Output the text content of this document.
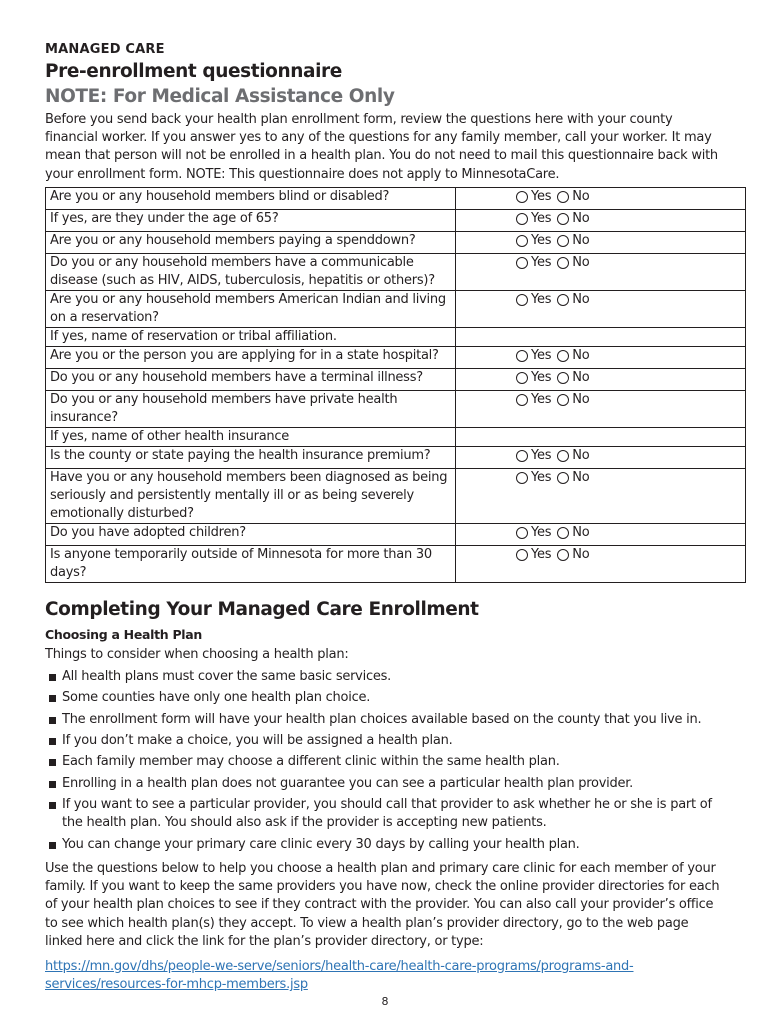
MANAGED CARE
Pre-enrollment questionnaire
NOTE: For Medical Assistance Only

Before you send back your health plan enrollment form, review the questions here with your county financial worker. If you answer yes to any of the questions for any family member, call your worker. It may mean that person will not be enrolled in a health plan. You do not need to mail this questionnaire back with your enrollment form. NOTE: This questionnaire does not apply to MinnesotaCare.

Are you or any household members blind or disabled?	Yes No

If yes, are they under the age of 65?	Yes No

Are you or any household members paying a spenddown?	Yes No

Do you or any household members have a communicable disease (such as HIV, AIDS, tuberculosis, hepatitis or others)?	Yes No

Are you or any household members American Indian and living on a reservation?	Yes No

If yes, name of reservation or tribal affiliation.	
Are you or the person you are applying for in a state hospital?	Yes No

Do you or any household members have a terminal illness?	Yes No

Do you or any household members have private health insurance?	Yes No

If yes, name of other health insurance	
Is the county or state paying the health insurance premium?	Yes No

Have you or any household members been diagnosed as being seriously and persistently mentally ill or as being severely emotionally disturbed?	Yes No

Do you have adopted children?	Yes No

Is anyone temporarily outside of Minnesota for more than 30 days?	Yes No
Completing Your Managed Care Enrollment
Choosing a Health Plan
Things to consider when choosing a health plan:
All health plans must cover the same basic services.
Some counties have only one health plan choice.
The enrollment form will have your health plan choices available based on the county that you live in.
If you don’t make a choice, you will be assigned a health plan.
Each family member may choose a different clinic within the same health plan.
Enrolling in a health plan does not guarantee you can see a particular health plan provider.
If you want to see a particular provider, you should call that provider to ask whether he or she is part of the health plan. You should also ask if the provider is accepting new patients.
You can change your primary care clinic every 30 days by calling your health plan.

Use the questions below to help you choose a health plan and primary care clinic for each member of your family. If you want to keep the same providers you have now, check the online provider directories for each of your health plan choices to see if they contract with the provider. You can also call your provider’s office to see which health plan(s) they accept. To view a health plan’s provider directory, go to the web page linked here and click the link for the plan’s provider directory, or type:

https://mn.gov/dhs/people-we-serve/seniors/health-care/health-care-programs/programs-and-services/resources-for-mhcp-members.jsp
8
